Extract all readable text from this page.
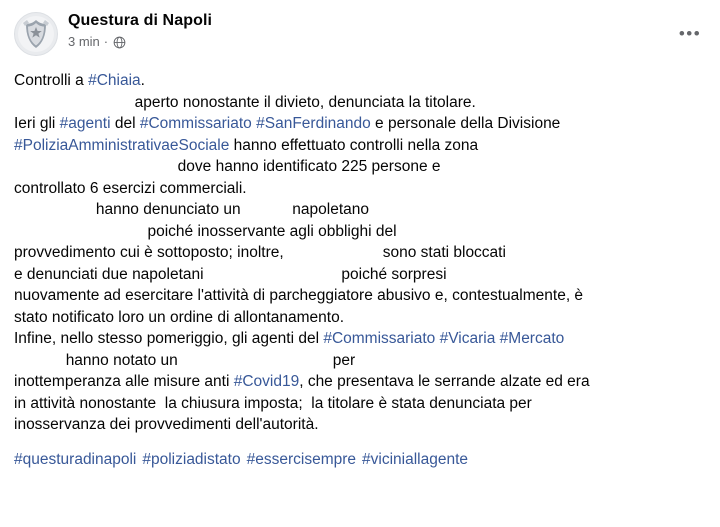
Questura di Napoli
3 min ·	•••
Controlli a #Chiaia.
aperto nonostante il divieto, denunciata la titolare.
Ieri gli #agenti del #Commissariato #SanFerdinando e personale della Divisione
#PoliziaAmministrativaeSociale hanno effettuato controlli nella zona
dove hanno identificato 225 persone e
controllato 6 esercizi commerciali.
hanno denunciato un            napoletano
poiché inosservante agli obblighi del
provvedimento cui è sottoposto; inoltre,                       sono stati bloccati
e denunciati due napoletani                                poiché sorpresi
nuovamente ad esercitare l'attività di parcheggiatore abusivo e, contestualmente, è
stato notificato loro un ordine di allontanamento.
Infine, nello stesso pomeriggio, gli agenti del #Commissariato #Vicaria #Mercato
hanno notato un                                    per
inottemperanza alle misure anti #Covid19, che presentava le serrande alzate ed era
in attività nonostante  la chiusura imposta;  la titolare è stata denunciata per
inosservanza dei provvedimenti dell'autorità.
#questuradinapoli #poliziadistato #essercisempre #viciniallagente
